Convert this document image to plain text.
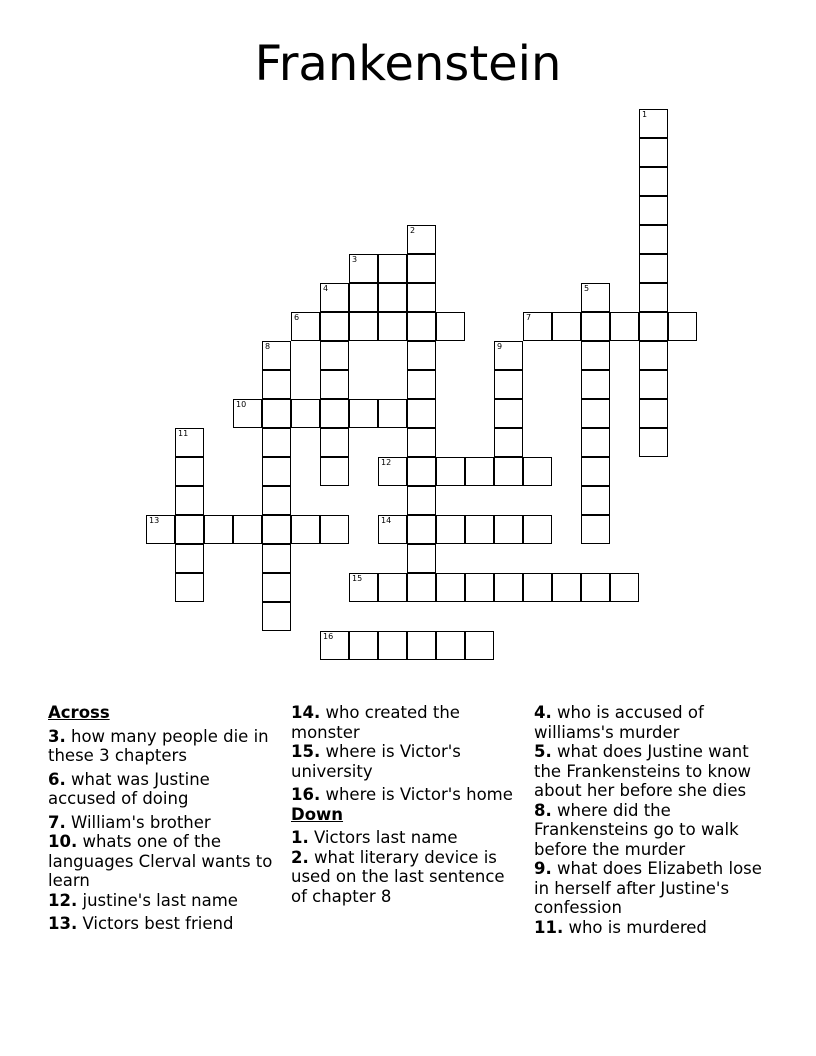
Frankenstein
1
2
3
4	5
6	7
8	9
10
11
12
13	14
15
16
Across
3. how many people die in these 3 chapters
6. what was Justine accused of doing
7. William's brother
10. whats one of the languages Clerval wants to learn
12. justine's last name
13. Victors best friend
14. who created the monster
15. where is Victor's university
16. where is Victor's home
Down
1. Victors last name
2. what literary device is used on the last sentence of chapter 8
4. who is accused of williams's murder
5. what does Justine want the Frankensteins to know about her before she dies
8. where did the Frankensteins go to walk before the murder
9. what does Elizabeth lose in herself after Justine's confession
11. who is murdered
